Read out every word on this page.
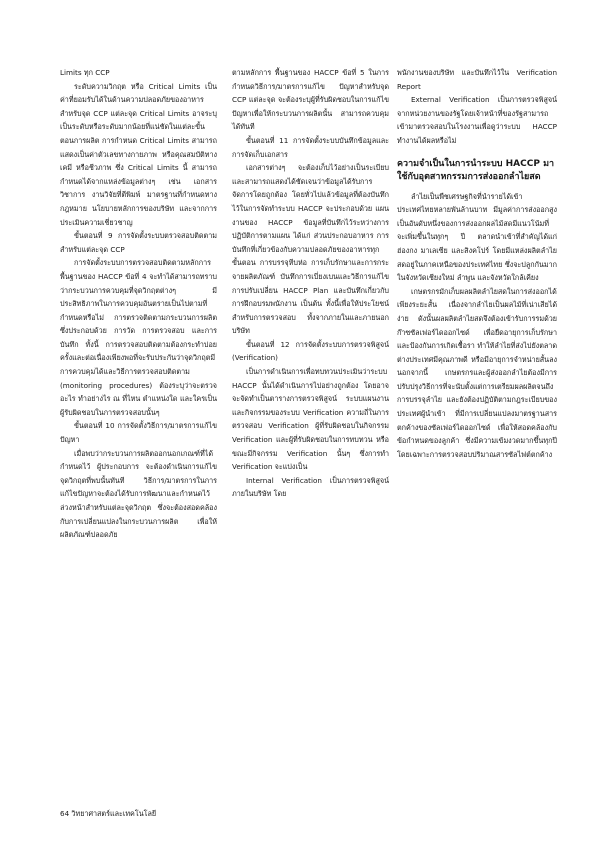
Limits ทุก CCP

ระดับความวิกฤต หรือ Critical Limits เป็นค่าที่ยอมรับได้ในด้านความปลอดภัยของอาหารสำหรับจุด CCP แต่ละจุด Critical Limits อาจระบุเป็นระดับหรือระดับมากน้อยที่แน่ชัดในแต่ละขั้นตอนการผลิต การกำหนด Critical Limits สามารถแสดงเป็นค่าตัวเลขทางกายภาพ หรือคุณสมบัติทางเคมี หรือชีวภาพ ซึ่ง Critical Limits นี้ สามารถกำหนดได้จากแหล่งข้อมูลต่างๆ เช่น เอกสารวิชาการ งานวิจัยที่ตีพิมพ์ มาตรฐานที่กำหนดทางกฎหมาย นโยบายหลักการของบริษัท และจากการประเมินความเชี่ยวชาญ

ขั้นตอนที่ 9 การจัดตั้งระบบตรวจสอบติดตามสำหรับแต่ละจุด CCP

การจัดตั้งระบบการตรวจสอบติดตามหลักการพื้นฐานของ HACCP ข้อที่ 4 จะทำได้สามารถทราบว่ากระบวนการควบคุมที่จุดวิกฤตต่างๆ มีประสิทธิภาพในการควบคุมอันตรายเป็นไปตามที่กำหนดหรือไม่ การตรวจติดตามกระบวนการผลิตซึ่งประกอบด้วย การวัด การตรวจสอบ และการบันทึก ทั้งนี้ การตรวจสอบติดตามต้องกระทำบ่อยครั้งและต่อเนื่องเพียงพอที่จะรับประกันว่าจุดวิกฤตมีการควบคุมได้และวิธีการตรวจสอบติดตาม (monitoring procedures) ต้องระบุว่าจะตรวจอะไร ทำอย่างไร ณ ที่ไหน ตำแหน่งใด และใครเป็นผู้รับผิดชอบในการตรวจสอบนั้นๆ

ขั้นตอนที่ 10 การจัดตั้งวิธีการ/มาตรการแก้ไขปัญหา

เมื่อพบว่ากระบวนการผลิตออกนอกเกณฑ์ที่ได้กำหนดไว้ ผู้ประกอบการ จะต้องดำเนินการแก้ไขจุดวิกฤตที่พบนั้นทันที วิธีการ/มาตรการในการแก้ไขปัญหาจะต้องได้รับการพัฒนาและกำหนดไว้ล่วงหน้าสำหรับแต่ละจุดวิกฤต ซึ่งจะต้องสอดคล้องกับการเปลี่ยนแปลงในกระบวนการผลิต เพื่อให้ผลิตภัณฑ์ปลอดภัย

ตามหลักการ พื้นฐานของ HACCP ข้อที่ 5 ในการ กำหนดวิธีการ/มาตรการแก้ไข ปัญหาสำหรับจุด CCP แต่ละจุด จะต้องระบุผู้ที่รับผิดชอบในการแก้ไขปัญหาเพื่อให้กระบวนการผลิตนั้น สามารถควบคุมได้ทันที

ขั้นตอนที่ 11 การจัดตั้งระบบบันทึกข้อมูลและการจัดเก็บเอกสาร

เอกสารต่างๆ จะต้องเก็บไว้อย่างเป็นระเบียบและสามารถแสดงได้ชัดเจนว่าข้อมูลได้รับการจัดการโดยถูกต้อง โดยทั่วไปแล้วข้อมูลที่ต้องบันทึกไว้ในการจัดทำระบบ HACCP จะประกอบด้วย แผนงานของ HACCP ข้อมูลที่บันทึกไว้ระหว่างการปฏิบัติการตามแผน ได้แก่ ส่วนประกอบอาหาร การบันทึกที่เกี่ยวข้องกับความปลอดภัยของอาหารทุกขั้นตอน การบรรจุหีบห่อ การเก็บรักษาและการกระจายผลิตภัณฑ์ บันทึกการเบี่ยงเบนและวิธีการแก้ไข การปรับเปลี่ยน HACCP Plan และบันทึกเกี่ยวกับการฝึกอบรมพนักงาน เป็นต้น ทั้งนี้เพื่อให้ประโยชน์สำหรับการตรวจสอบ ทั้งจากภายในและภายนอกบริษัท

ขั้นตอนที่ 12 การจัดตั้งระบบการตรวจพิสูจน์ (Verification)

เป็นการดำเนินการเพื่อทบทวนประเมินว่าระบบ HACCP นั้นได้ดำเนินการไปอย่างถูกต้อง โดยอาจจะจัดทำเป็นตารางการตรวจพิสูจน์ ระบบแผนงานและกิจกรรมของระบบ Verification ความถี่ในการตรวจสอบ Verification ผู้ที่รับผิดชอบในกิจกรรม Verification และผู้ที่รับผิดชอบในการทบทวน หรือขณะมีกิจกรรม Verification นั้นๆ ซึ่งการทำ Verification จะแบ่งเป็น

Internal Verification เป็นการตรวจพิสูจน์ภายในบริษัท โดย

พนักงานของบริษัท และบันทึกไว้ใน Verification Report

External Verification เป็นการตรวจพิสูจน์จากหน่วยงานของรัฐโดยเจ้าหน้าที่ของรัฐสามารถเข้ามาตรวจสอบในโรงงานเพื่อดูว่าระบบ HACCP ทำงานได้ผลหรือไม่

ความจำเป็นในการนำระบบ HACCP มาใช้กับอุตสาหกรรมการส่งออกลำไยสด

ลำไยเป็นพืชเศรษฐกิจที่นำรายได้เข้าประเทศไทยหลายพันล้านบาท มีมูลค่าการส่งออกสูงเป็นอันดับหนึ่งของการส่งออกผลไม้สดมีแนวโน้มที่จะเพิ่มขึ้นในทุกๆ ปี ตลาดนำเข้าที่สำคัญได้แก่ ฮ่องกง มาเลเซีย และสิงคโปร์ โดยมีแหล่งผลิตลำไยสดอยู่ในภาคเหนือของประเทศไทย ซึ่งจะปลูกกันมากในจังหวัดเชียงใหม่ ลำพูน และจังหวัดใกล้เคียง

เกษตรกรมักเก็บผลผลิตลำไยสดในการส่งออกได้เพียงระยะสั้น เนื่องจากลำไยเป็นผลไม้ที่เน่าเสียได้ง่าย ดังนั้นผลผลิตลำไยสดจึงต้องเข้ารับการรมด้วยก๊าซซัลเฟอร์ไดออกไซด์ เพื่อยืดอายุการเก็บรักษาและป้องกันการเกิดเชื้อรา ทำให้ลำไยที่ส่งไปยังตลาดต่างประเทศมีคุณภาพดี หรือมีอายุการจำหน่ายสั้นลง นอกจากนี้ เกษตรกรและผู้ส่งออกลำไยต้องมีการปรับปรุงวิธีการที่จะนับตั้งแต่การเตรียมผลผลิตจนถึงการบรรจุลำไย และยังต้องปฏิบัติตามกฎระเบียบของประเทศผู้นำเข้า ที่มีการเปลี่ยนแปลงมาตรฐานสารตกค้างของซัลเฟอร์ไดออกไซด์ เพื่อให้สอดคล้องกับข้อกำหนดของลูกค้า ซึ่งมีความเข้มงวดมากขึ้นทุกปี โดยเฉพาะการตรวจสอบปริมาณสารซัลไฟต์ตกค้าง

64 วิทยาศาสตร์และเทคโนโลยี
